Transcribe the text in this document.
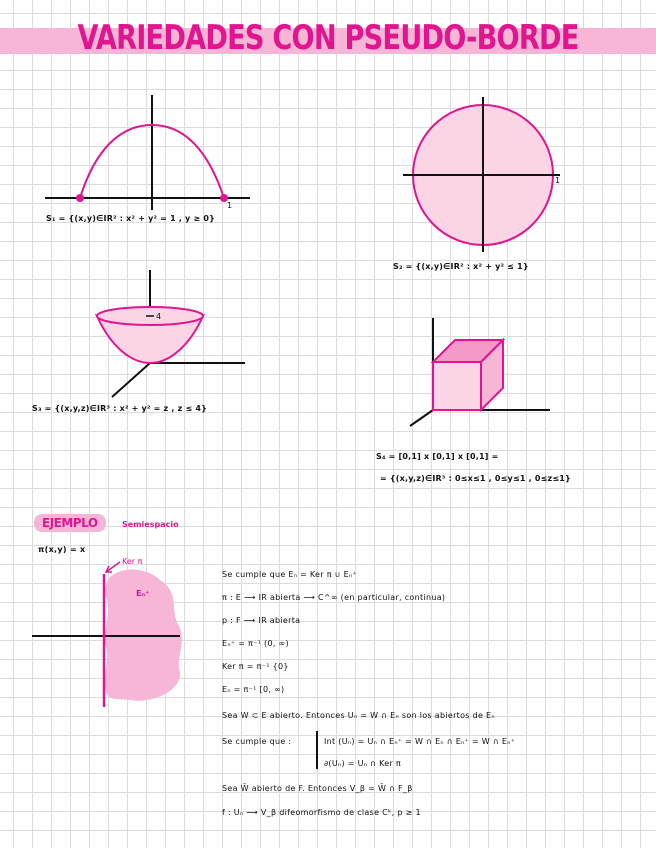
VARIEDADES CON PSEUDO-BORDE
1
S₁ = {(x,y)∈IR² : x² + y² = 1 , y ≥ 0}
1
S₂ = {(x,y)∈IR² : x² + y² ≤ 1}
4
S₃ = {(x,y,z)∈IR³ : x² + y² = z , z ≤ 4}
S₄ = [0,1] x [0,1] x [0,1] =
= {(x,y,z)∈IR³ : 0≤x≤1 , 0≤y≤1 , 0≤z≤1}
EJEMPLO	Semiespacio
π(x,y) = x
Ker π
Eₙ⁺
Se cumple que Eₙ = Ker π ∪ Eₙ⁺
π : E ⟶ IR abierta ⟶ C^∞ (en particular, continua)
p : F ⟶ IR abierta
Eₙ⁺ = π⁻¹ (0, ∞)
Ker π = π⁻¹ {0}
Eₙ = π⁻¹ [0, ∞)
Sea W ⊂ E abierto. Entonces Uₙ = W ∩ Eₙ son los abiertos de Eₙ
Se cumple que :	Int (Uₙ) = Uₙ ∩ Eₙ⁺ = W ∩ Eₙ ∩ Eₙ⁺ = W ∩ Eₙ⁺
∂(Uₙ) = Uₙ ∩ Ker π
Sea W̄ abierto de F. Entonces V_β = W̄ ∩ F_β
f : Uₙ ⟶ V_β difeomorfismo de clase Cᵏ, p ≥ 1
